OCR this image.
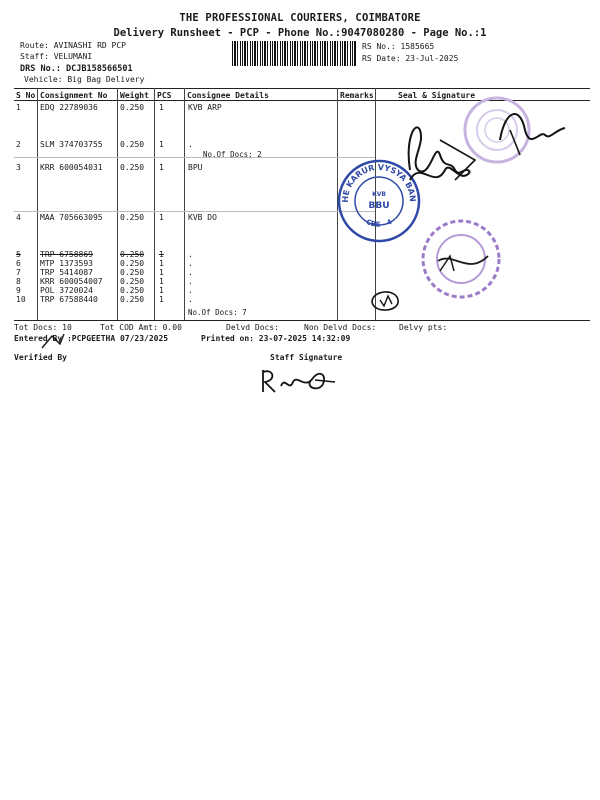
THE PROFESSIONAL COURIERS, COIMBATORE
Delivery Runsheet - PCP - Phone No.:9047080280 - Page No.:1
Route: AVINASHI RD PCP
Staff: VELUMANI
DRS No.: DCJB158566501
Vehicle: Big Bag Delivery
RS No.: 1585665
RS Date: 23-Jul-2025
S No Consignment No Weight PCS Consignee Details	Remarks	Seal & Signature
1 EDQ 22789036	0.250 1	KVB ARP
2 SLM 374703755 0.250 1	.
No.Of Docs: 2
3 KRR 600054031 0.250 1	BPU
4 MAA 705663095 0.250 1	KVB DO
5 TRP 6758869	0.250 1	.
6 MTP 1373593	0.250 1	.
7 TRP 5414087	0.250 1	.
8 KRR 600054007 0.250 1	.
9 POL 3720024	0.250 1	.
10 TRP 67588440	0.250 1	.
No.Of Docs: 7
Tot Docs: 10	Tot COD Amt: 0.00	Delvd Docs:	Non Delvd Docs:	Delvy pts:
Entered By :PCPGEETHA 07/23/2025	Printed on: 23-07-2025 14:32:09
Verified By	Staff Signature
THE KARUR VYSYA BANK
KVB
BBU
CBE - 4
